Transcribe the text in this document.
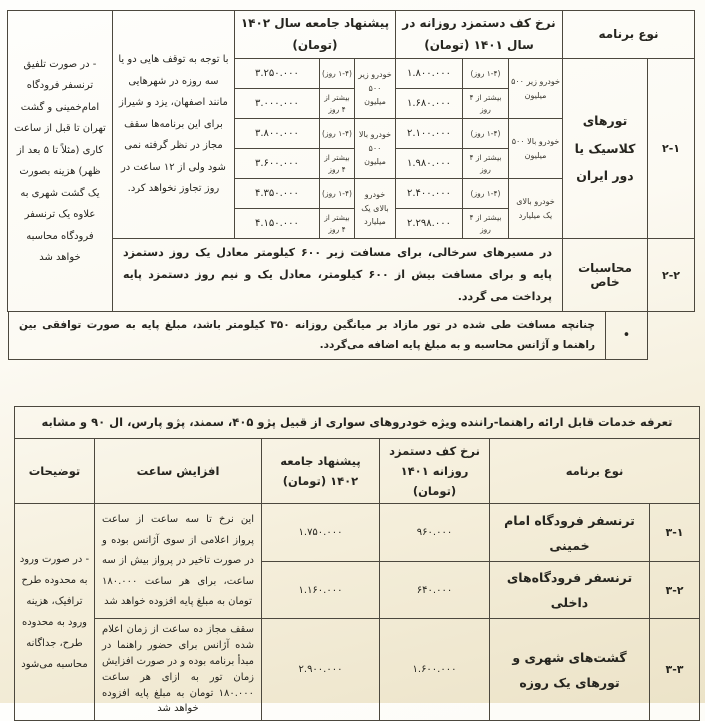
نوع برنامه		نرخ کف دستمزد روزانه در سال ۱۴۰۱ (تومان)			پیشنهاد جامعه سال ۱۴۰۲ (تومان)			با توجه به توقف هایی دو یا سه روزه در شهرهایی مانند اصفهان، یزد و شیراز برای این برنامه‌ها سقف مجاز در نظر گرفته نمی شود ولی از ۱۲ ساعت در روز تجاوز نخواهد کرد.	- در صورت تلفیق ترنسفر فرودگاه امام‌خمینی و گشت تهران تا قبل از ساعت کاری (مثلاً تا ۵ بعد از ظهر) هزینه بصورت یک گشت شهری به علاوه یک ترنسفر فرودگاه محاسبه خواهد شد
۲-۱	تورهای کلاسیک یا دور ایران	خودرو زیر ۵۰۰ میلیون	(۱-۴ روز)	۱.۸۰۰.۰۰۰	خودرو زیر ۵۰۰ میلیون	(۱-۴ روز)	۳.۲۵۰.۰۰۰		
			بیشتر از ۴ روز	۱.۶۸۰.۰۰۰		بیشتر از ۴ روز	۳.۰۰۰.۰۰۰		
		خودرو بالا ۵۰۰ میلیون	(۱-۴ روز)	۲.۱۰۰.۰۰۰	خودرو بالا ۵۰۰ میلیون	(۱-۴ روز)	۳.۸۰۰.۰۰۰		
			بیشتر از ۴ روز	۱.۹۸۰.۰۰۰		بیشتر از ۴ روز	۳.۶۰۰.۰۰۰		
		خودرو بالای یک میلیارد	(۱-۴ روز)	۲.۴۰۰.۰۰۰	خودرو بالای یک میلیارد	(۱-۴ روز)	۴.۳۵۰.۰۰۰		
			بیشتر از ۴ روز	۲.۲۹۸.۰۰۰		بیشتر از ۴ روز	۴.۱۵۰.۰۰۰		
۲-۲	محاسبات خاص	در مسیرهای سرخالی، برای مسافت زیر ۶۰۰ کیلومتر معادل یک روز دستمزد پایه و برای مسافت بیش از ۶۰۰ کیلومتر، معادل یک و نیم روز دستمزد پایه پرداخت می گردد.							
•
چنانچه مسافت طی شده در تور مازاد بر میانگین روزانه ۳۵۰ کیلومتر باشد، مبلغ پایه به صورت توافقی بین راهنما و آژانس محاسبه و به مبلغ پایه اضافه می‌گردد.
تعرفه خدمات قابل ارائه راهنما-راننده ویژه خودروهای سواری از قبیل پژو ۴۰۵، سمند، پژو پارس، ال ۹۰ و مشابه					
نوع برنامه		نرخ کف دستمزد روزانه ۱۴۰۱ (تومان)	پیشنهاد جامعه ۱۴۰۲ (تومان)	افزایش ساعت	توضیحات
۳-۱	ترنسفر فرودگاه امام خمینی	۹۶۰.۰۰۰	۱.۷۵۰.۰۰۰	این نرخ تا سه ساعت از ساعت پرواز اعلامی از سوی آژانس بوده و در صورت تاخیر در پرواز بیش از سه ساعت، برای هر ساعت ۱۸۰.۰۰۰ تومان به مبلغ پایه افزوده خواهد شد	- در صورت ورود به محدوده طرح ترافیک، هزینه ورود به محدوده طرح، جداگانه محاسبه می‌شود
۳-۲	ترنسفر فرودگاه‌های داخلی	۶۴۰.۰۰۰	۱.۱۶۰.۰۰۰		
۳-۳	گشت‌های شهری و تورهای یک روزه	۱.۶۰۰.۰۰۰	۲.۹۰۰.۰۰۰	سقف مجاز ده ساعت از زمان اعلام شده آژانس برای حضور راهنما در مبدأ برنامه بوده و در صورت افزایش زمان تور به ازای هر ساعت ۱۸۰.۰۰۰ تومان به مبلغ پایه افزوده خواهد شد	
